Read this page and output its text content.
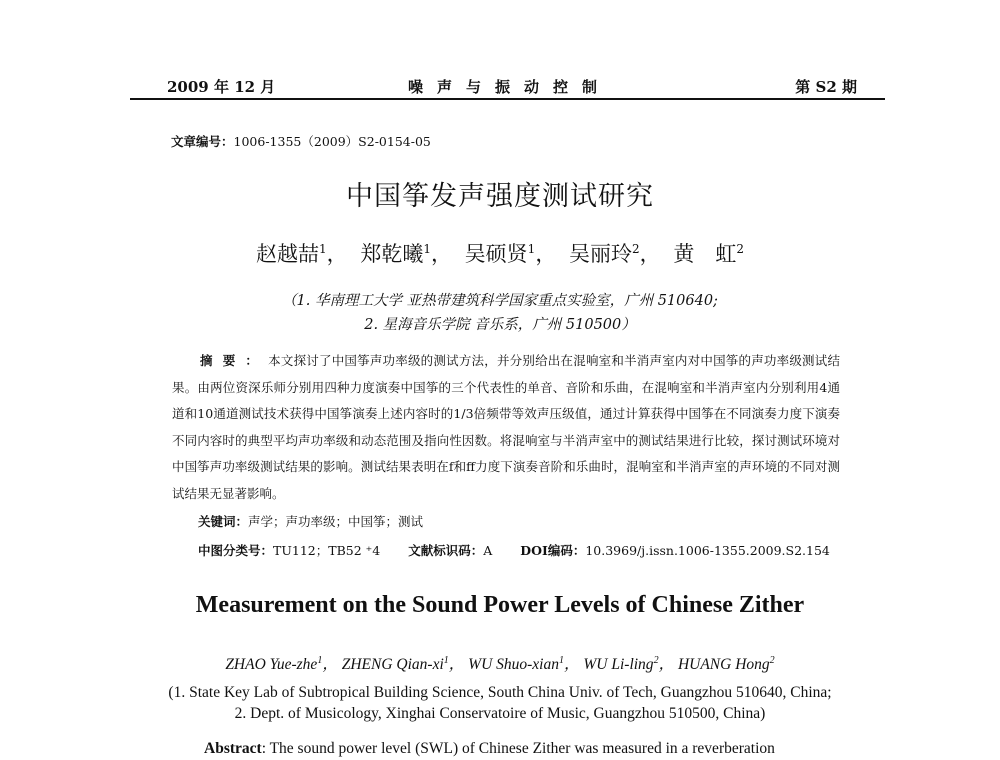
2009 年 12 月	噪声与振动控制	第 S2 期
文章编号：1006-1355（2009）S2-0154-05
中国筝发声强度测试研究
赵越喆$^1$， 郑乾曦$^1$， 吴硕贤$^1$， 吴丽玲$^2$， 黄　虹$^2$
（1. 华南理工大学 亚热带建筑科学国家重点实验室，广州 510640;
2. 星海音乐学院 音乐系，广州 510500）
摘要：本文探讨了中国筝声功率级的测试方法，并分别给出在混响室和半消声室内对中国筝的声功率级测试结果。由两位资深乐师分别用四种力度演奏中国筝的三个代表性的单音、音阶和乐曲，在混响室和半消声室内分别利用4通道和10通道测试技术获得中国筝演奏上述内容时的1/3倍频带等效声压级值，通过计算获得中国筝在不同演奏力度下演奏不同内容时的典型平均声功率级和动态范围及指向性因数。将混响室与半消声室中的测试结果进行比较，探讨测试环境对中国筝声功率级测试结果的影响。测试结果表明在f和ff力度下演奏音阶和乐曲时，混响室和半消声室的声环境的不同对测试结果无显著影响。
关键词：声学；声功率级；中国筝；测试
中图分类号：TU112；TB52 ⁺4 文献标识码：A DOI编码：10.3969/j.issn.1006-1355.2009.S2.154
Measurement on the Sound Power Levels of Chinese Zither
ZHAO Yue-zhe$^1$， ZHENG Qian-$xi^1$， WU Shuo-xian$^1$， WU Li-ling$^2$， HUANG Hong$^2$
(1. State Key Lab of Subtropical Building Science, South China Univ. of Tech, Guangzhou 510640, China;
2. Dept. of Musicology, Xinghai Conservatoire of Music, Guangzhou 510500, China)
Abstract: The sound power level (SWL) of Chinese Zither was measured in a reverberation
